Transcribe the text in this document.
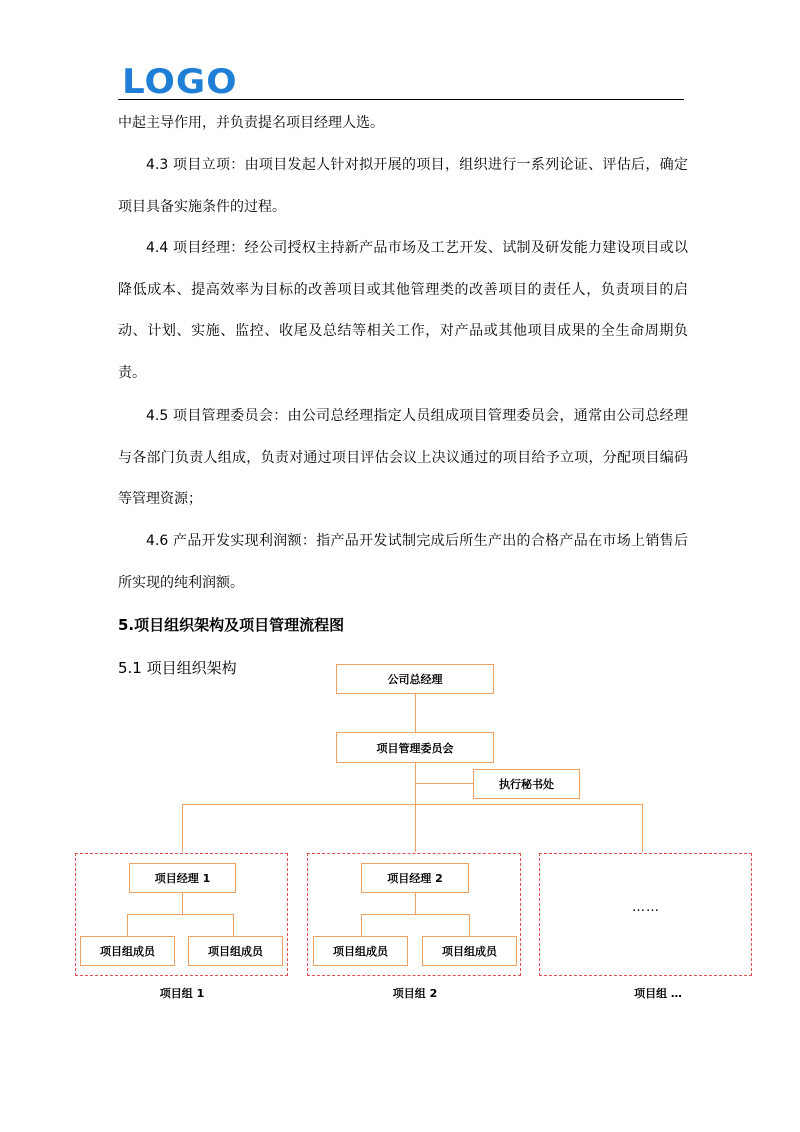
LOGO

中起主导作用，并负责提名项目经理人选。

4.3 项目立项：由项目发起人针对拟开展的项目，组织进行一系列论证、评估后，确定项目具备实施条件的过程。

4.4 项目经理：经公司授权主持新产品市场及工艺开发、试制及研发能力建设项目或以降低成本、提高效率为目标的改善项目或其他管理类的改善项目的责任人，负责项目的启动、计划、实施、监控、收尾及总结等相关工作，对产品或其他项目成果的全生命周期负责。

4.5 项目管理委员会：由公司总经理指定人员组成项目管理委员会，通常由公司总经理与各部门负责人组成，负责对通过项目评估会议上决议通过的项目给予立项，分配项目编码等管理资源；

4.6 产品开发实现利润额：指产品开发试制完成后所生产出的合格产品在市场上销售后所实现的纯利润额。

5.项目组织架构及项目管理流程图
5.1 项目组织架构
公司总经理
项目管理委员会
执行秘书处
项目经理 1
项目组成员	项目组成员
项目经理 2
项目组成员	项目组成员
……
项目组 1	项目组 2	项目组 …
